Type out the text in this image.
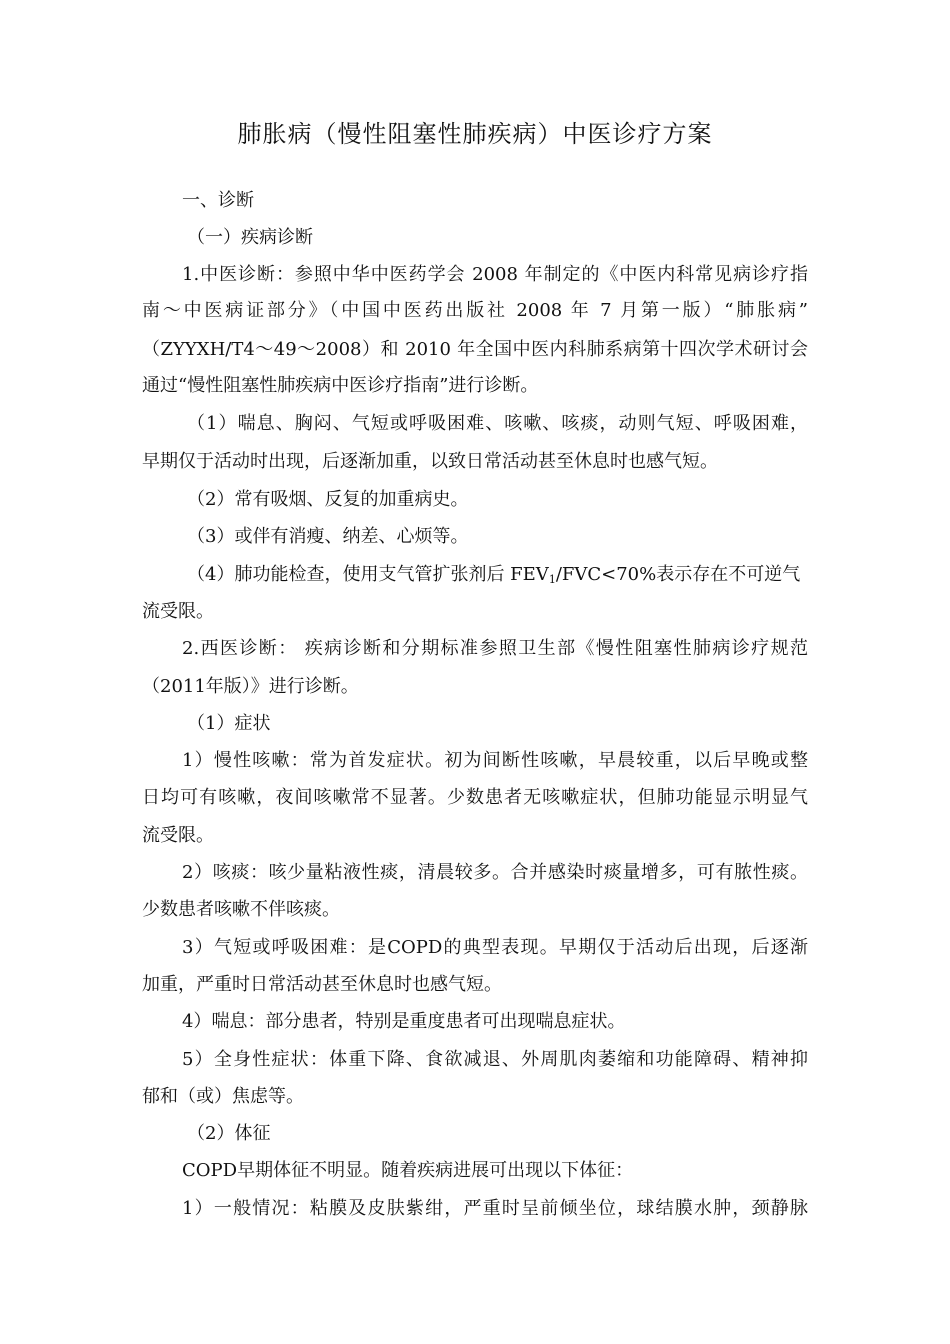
肺胀病（慢性阻塞性肺疾病）中医诊疗方案
一、诊断
（一）疾病诊断
1.中医诊断：参照中华中医药学会 2008 年制定的《中医内科常见病诊疗指
南～中医病证部分》（中国中医药出版社 2008 年 7 月第一版）“肺胀病”
（ZYYXH/T4～49～2008）和 2010 年全国中医内科肺系病第十四次学术研讨会
通过“慢性阻塞性肺疾病中医诊疗指南”进行诊断。
（1）喘息、胸闷、气短或呼吸困难、咳嗽、咳痰，动则气短、呼吸困难，
早期仅于活动时出现，后逐渐加重，以致日常活动甚至休息时也感气短。
（2）常有吸烟、反复的加重病史。
（3）或伴有消瘦、纳差、心烦等。
（4）肺功能检查，使用支气管扩张剂后 $FEV_1/FVC<70\%$表示存在不可逆气
流受限。
2.西医诊断： 疾病诊断和分期标准参照卫生部《慢性阻塞性肺病诊疗规范
（2011年版）》进行诊断。
（1）症状
1）慢性咳嗽：常为首发症状。初为间断性咳嗽，早晨较重，以后早晚或整
日均可有咳嗽，夜间咳嗽常不显著。少数患者无咳嗽症状，但肺功能显示明显气
流受限。
2）咳痰：咳少量粘液性痰，清晨较多。合并感染时痰量增多，可有脓性痰。
少数患者咳嗽不伴咳痰。
3）气短或呼吸困难：是COPD的典型表现。早期仅于活动后出现，后逐渐
加重，严重时日常活动甚至休息时也感气短。
4）喘息：部分患者，特别是重度患者可出现喘息症状。
5）全身性症状：体重下降、食欲减退、外周肌肉萎缩和功能障碍、精神抑
郁和（或）焦虑等。
（2）体征
COPD早期体征不明显。随着疾病进展可出现以下体征：
1）一般情况：粘膜及皮肤紫绀，严重时呈前倾坐位，球结膜水肿，颈静脉
